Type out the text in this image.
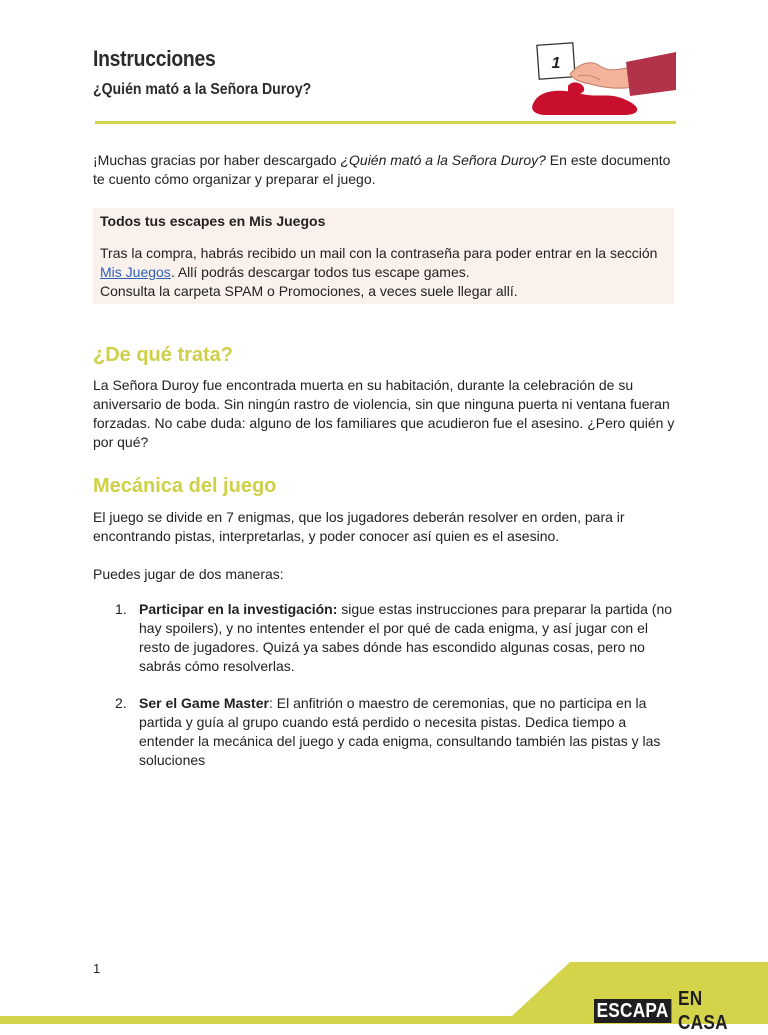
Instrucciones
¿Quién mató a la Señora Duroy?
1

¡Muchas gracias por haber descargado ¿Quién mató a la Señora Duroy? En este documento te cuento cómo organizar y preparar el juego.

Todos tus escapes en Mis Juegos

Tras la compra, habrás recibido un mail con la contraseña para poder entrar en la sección Mis Juegos. Allí podrás descargar todos tus escape games.
Consulta la carpeta SPAM o Promociones, a veces suele llegar allí.

¿De qué trata?

La Señora Duroy fue encontrada muerta en su habitación, durante la celebración de su aniversario de boda. Sin ningún rastro de violencia, sin que ninguna puerta ni ventana fueran forzadas. No cabe duda: alguno de los familiares que acudieron fue el asesino. ¿Pero quién y por qué?

Mecánica del juego

El juego se divide en 7 enigmas, que los jugadores deberán resolver en orden, para ir encontrando pistas, interpretarlas, y poder conocer así quien es el asesino.

Puedes jugar de dos maneras:

1. Participar en la investigación: sigue estas instrucciones para preparar la partida (no hay spoilers), y no intentes entender el por qué de cada enigma, y así jugar con el resto de jugadores. Quizá ya sabes dónde has escondido algunas cosas, pero no sabrás cómo resolverlas.

2. Ser el Game Master: El anfitrión o maestro de ceremonias, que no participa en la partida y guía al grupo cuando está perdido o necesita pistas. Dedica tiempo a entender la mecánica del juego y cada enigma, consultando también las pistas y las soluciones

1
ESCAPA
EN CASA
